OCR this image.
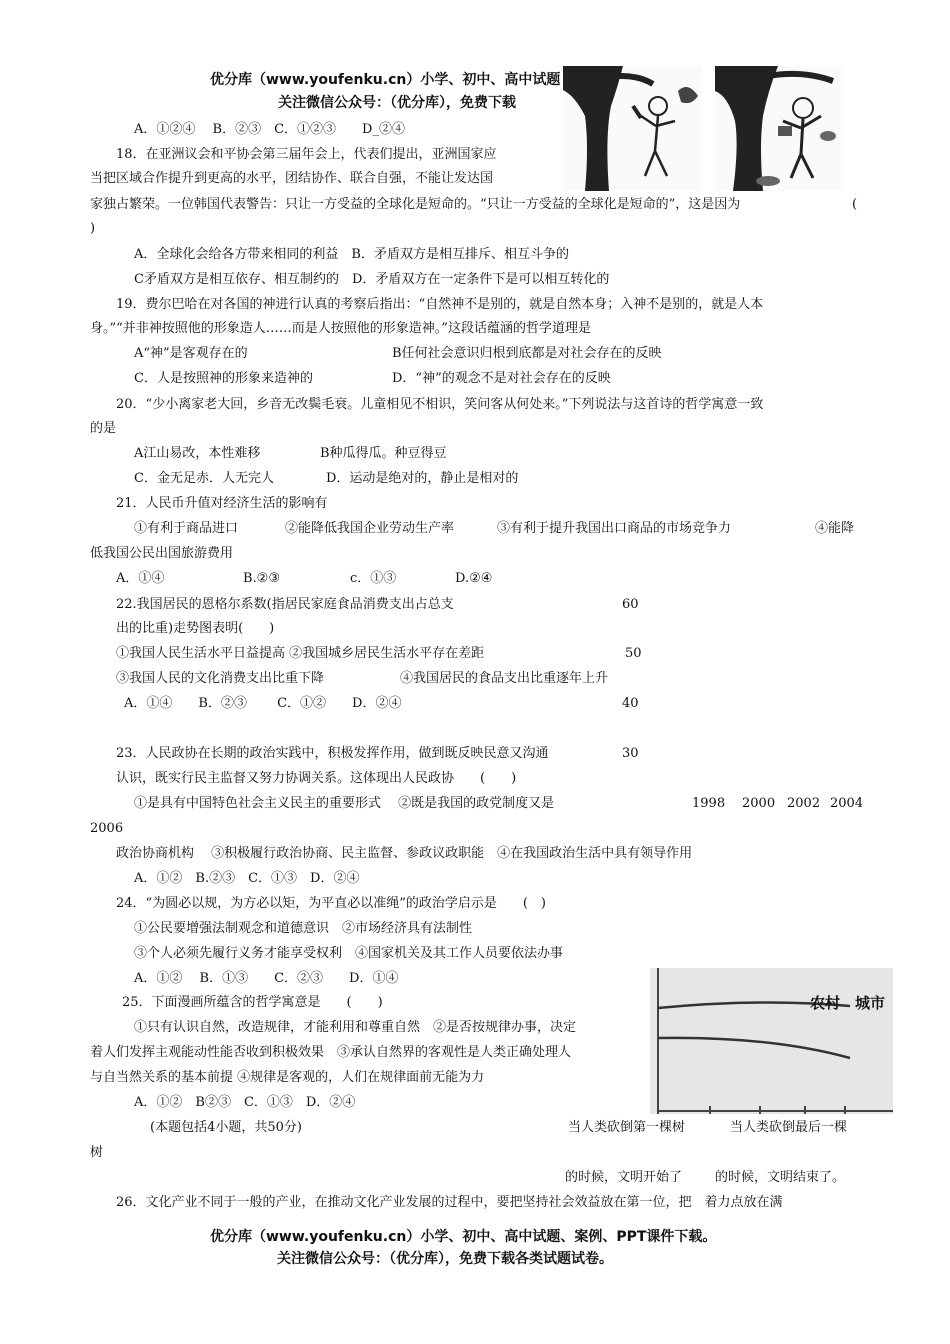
优分库（www.youfenku.cn）小学、初中、高中试题
关注微信公众号：（优分库），免费下载
A．①②④　 B．②③　C．①②③　　D_②④
18．在亚洲议会和平协会第三届年会上，代表们提出，亚洲国家应
当把区域合作提升到更高的水平，团结协作、联合自强，不能让发达国
家独占繁荣。一位韩国代表警告：只让一方受益的全球化是短命的。“只让一方受益的全球化是短命的”，这是因为	(
)
A．全球化会给各方带来相同的利益　B．矛盾双方是相互排斥、相互斗争的
C矛盾双方是相互依存、相互制约的　D．矛盾双方在一定条件下是可以相互转化的
19．费尔巴哈在对各国的神进行认真的考察后指出：“自然神不是别的，就是自然本身；入神不是别的，就是人本
身。”“并非神按照他的形象造人……而是人按照他的形象造神。”这段话蕴涵的哲学道理是
A“神”是客观存在的	B任何社会意识归根到底都是对社会存在的反映
C．人是按照神的形象来造神的	D．“神”的观念不是对社会存在的反映
20．“少小离家老大回，乡音无改鬓毛衰。儿童相见不相识，笑问客从何处来。”下列说法与这首诗的哲学寓意一致
的是
A江山易改，本性难移	B种瓜得瓜。种豆得豆
C．金无足赤．人无完人	D．运动是绝对的，静止是相对的
21．人民币升值对经济生活的影响有
①有利于商品进口	②能降低我国企业劳动生产率	③有利于提升我国出口商品的市场竞争力	④能降
低我国公民出国旅游费用
A．①④	B.②③	c．①③	D.②④
22.我国居民的恩格尔系数(指居民家庭食品消费支出占总支	60
出的比重)走势图表明(　　)
①我国人民生活水平日益提高 ②我国城乡居民生活水平存在差距	50
③我国人民的文化消费支出比重下降	④我国居民的食品支出比重逐年上升
A．①④　　B．②③　　 C．①②　　D．②④	40
23．人民政协在长期的政治实践中，积极发挥作用，做到既反映民意又沟通	30
认识，既实行民主监督又努力协调关系。这体现出人民政协　　(　　)
①是具有中国特色社会主义民主的重要形式　 ②既是我国的政党制度又是	1998 2000 2002 2004
2006
政治协商机构　 ③积极履行政治协商、民主监督、参政议政职能　④在我国政治生活中具有领导作用
A．①②　B.②③　C．①③　D．②④
24．“为圆必以规，为方必以矩，为平直必以准绳”的政治学启示是　　(　)
①公民要增强法制观念和道德意识　②市场经济具有法制性
③个人必须先履行义务才能享受权利　④国家机关及其工作人员要依法办事
A．①②　 B．①③　　C．②③　　D．①④
农村 城市
25．下面漫画所蕴含的哲学寓意是　　(　　)
①只有认识自然，改造规律，才能利用和尊重自然　②是否按规律办事，决定
着人们发挥主观能动性能否收到积极效果　③承认自然界的客观性是人类正确处理人
与自当然关系的基本前提 ④规律是客观的，人们在规律面前无能为力
A．①②　B②③　C．①③　D．②④
(本题包括4小题，共50分)	当人类砍倒第一棵树	当人类砍倒最后一棵
树
的时候，文明开始了	的时候，文明结束了。
26．文化产业不同于一般的产业，在推动文化产业发展的过程中，要把坚持社会效益放在第一位，把　着力点放在满
优分库（www.youfenku.cn）小学、初中、高中试题、案例、PPT课件下载。
关注微信公众号：（优分库），免费下载各类试题试卷。
